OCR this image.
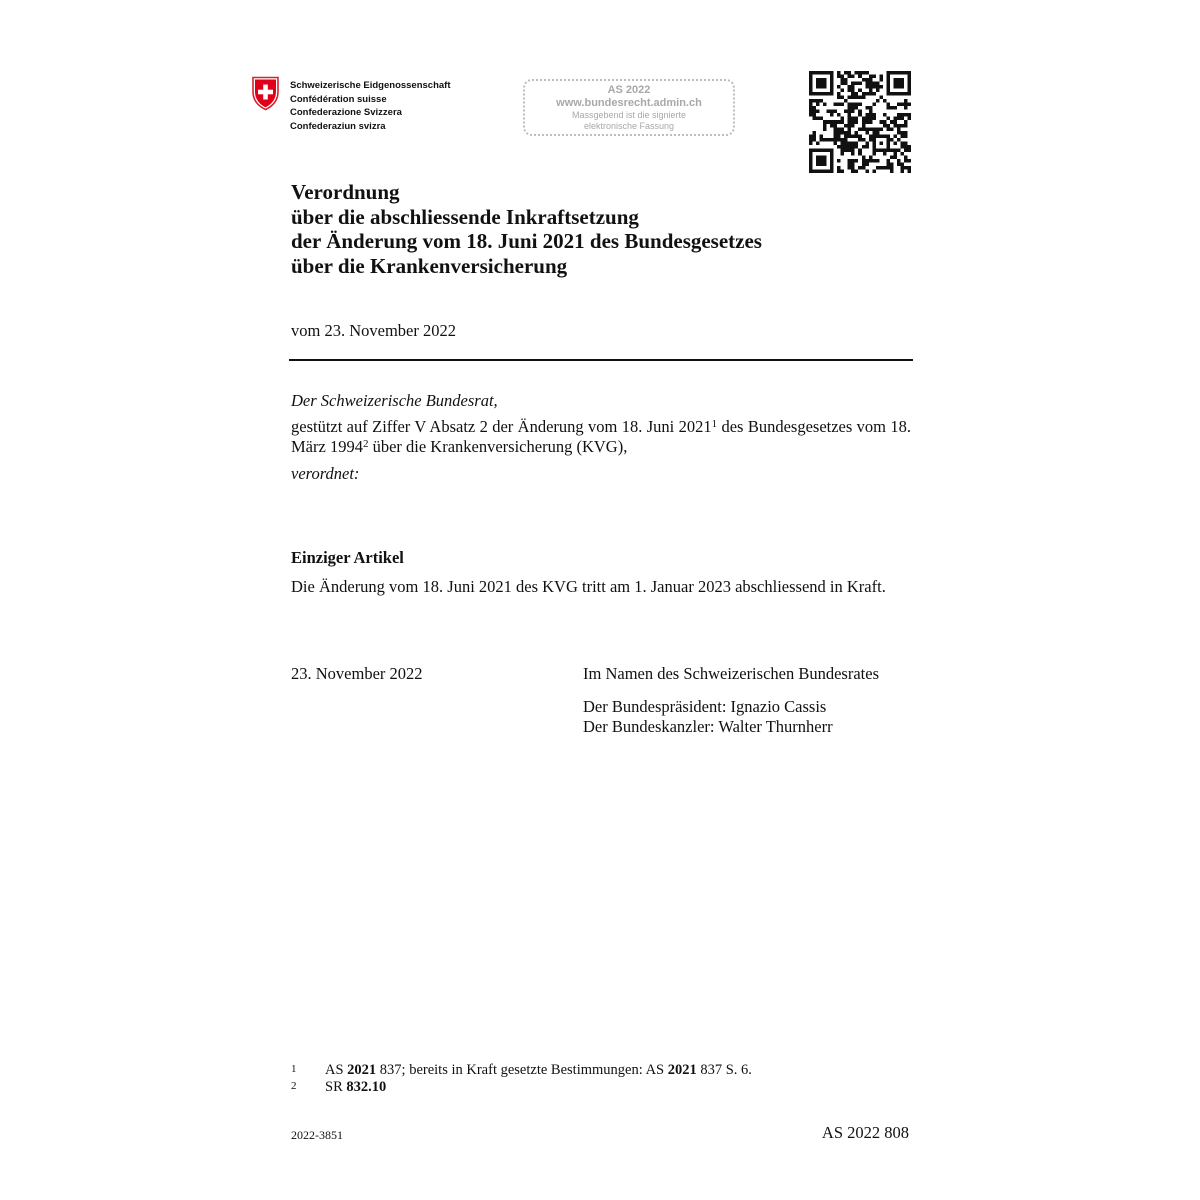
Schweizerische Eidgenossenschaft
Confédération suisse
Confederazione Svizzera
Confederaziun svizra
AS 2022
www.bundesrecht.admin.ch
Massgebend ist die signierte
elektronische Fassung
Verordnung
über die abschliessende Inkraftsetzung
der Änderung vom 18. Juni 2021 des Bundesgesetzes
über die Krankenversicherung
vom 23. November 2022
Der Schweizerische Bundesrat,
gestützt auf Ziffer V Absatz 2 der Änderung vom 18. Juni 2021$^1$ des Bundesgesetzes vom 18. März 1994$^2$ über die Krankenversicherung (KVG),
verordnet:
Einziger Artikel
Die Änderung vom 18. Juni 2021 des KVG tritt am 1. Januar 2023 abschliessend in Kraft.
23. November 2022	Im Namen des Schweizerischen Bundesrates
Der Bundespräsident: Ignazio Cassis
Der Bundeskanzler: Walter Thurnherr
1	AS 2021 837; bereits in Kraft gesetzte Bestimmungen: AS 2021 837 S. 6.
2	SR 832.10
2022-3851	AS 2022 808
